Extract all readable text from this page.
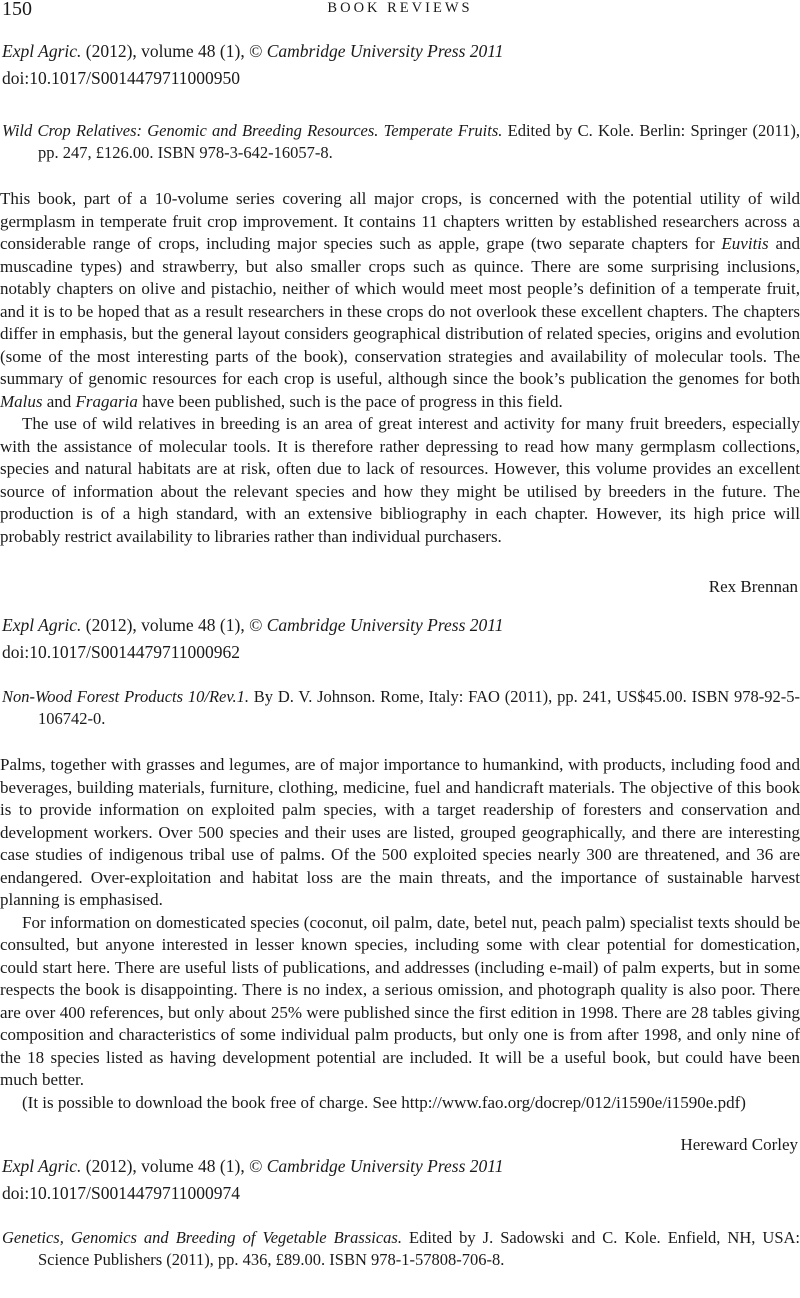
150	BOOK REVIEWS

Expl Agric. (2012), volume 48 (1), © Cambridge University Press 2011

doi:10.1017/S0014479711000950

Wild Crop Relatives: Genomic and Breeding Resources. Temperate Fruits. Edited by C. Kole. Berlin: Springer (2011), pp. 247, £126.00. ISBN 978-3-642-16057-8.

This book, part of a 10-volume series covering all major crops, is concerned with the potential utility of wild germplasm in temperate fruit crop improvement. It contains 11 chapters written by established researchers across a considerable range of crops, including major species such as apple, grape (two separate chapters for Euvitis and muscadine types) and strawberry, but also smaller crops such as quince. There are some surprising inclusions, notably chapters on olive and pistachio, neither of which would meet most people’s definition of a temperate fruit, and it is to be hoped that as a result researchers in these crops do not overlook these excellent chapters. The chapters differ in emphasis, but the general layout considers geographical distribution of related species, origins and evolution (some of the most interesting parts of the book), conservation strategies and availability of molecular tools. The summary of genomic resources for each crop is useful, although since the book’s publication the genomes for both Malus and Fragaria have been published, such is the pace of progress in this field.

The use of wild relatives in breeding is an area of great interest and activity for many fruit breeders, especially with the assistance of molecular tools. It is therefore rather depressing to read how many germplasm collections, species and natural habitats are at risk, often due to lack of resources. However, this volume provides an excellent source of information about the relevant species and how they might be utilised by breeders in the future. The production is of a high standard, with an extensive bibliography in each chapter. However, its high price will probably restrict availability to libraries rather than individual purchasers.

Rex Brennan

Expl Agric. (2012), volume 48 (1), © Cambridge University Press 2011

doi:10.1017/S0014479711000962

Non-Wood Forest Products 10/Rev.1. By D. V. Johnson. Rome, Italy: FAO (2011), pp. 241, US$45.00. ISBN 978-92-5-106742-0.

Palms, together with grasses and legumes, are of major importance to humankind, with products, including food and beverages, building materials, furniture, clothing, medicine, fuel and handicraft materials. The objective of this book is to provide information on exploited palm species, with a target readership of foresters and conservation and development workers. Over 500 species and their uses are listed, grouped geographically, and there are interesting case studies of indigenous tribal use of palms. Of the 500 exploited species nearly 300 are threatened, and 36 are endangered. Over-exploitation and habitat loss are the main threats, and the importance of sustainable harvest planning is emphasised.

For information on domesticated species (coconut, oil palm, date, betel nut, peach palm) specialist texts should be consulted, but anyone interested in lesser known species, including some with clear potential for domestication, could start here. There are useful lists of publications, and addresses (including e-mail) of palm experts, but in some respects the book is disappointing. There is no index, a serious omission, and photograph quality is also poor. There are over 400 references, but only about 25% were published since the first edition in 1998. There are 28 tables giving composition and characteristics of some individual palm products, but only one is from after 1998, and only nine of the 18 species listed as having development potential are included. It will be a useful book, but could have been much better.

(It is possible to download the book free of charge. See http://www.fao.org/docrep/012/i1590e/i1590e.pdf)

Hereward Corley

Expl Agric. (2012), volume 48 (1), © Cambridge University Press 2011

doi:10.1017/S0014479711000974

Genetics, Genomics and Breeding of Vegetable Brassicas. Edited by J. Sadowski and C. Kole. Enfield, NH, USA: Science Publishers (2011), pp. 436, £89.00. ISBN 978-1-57808-706-8.
